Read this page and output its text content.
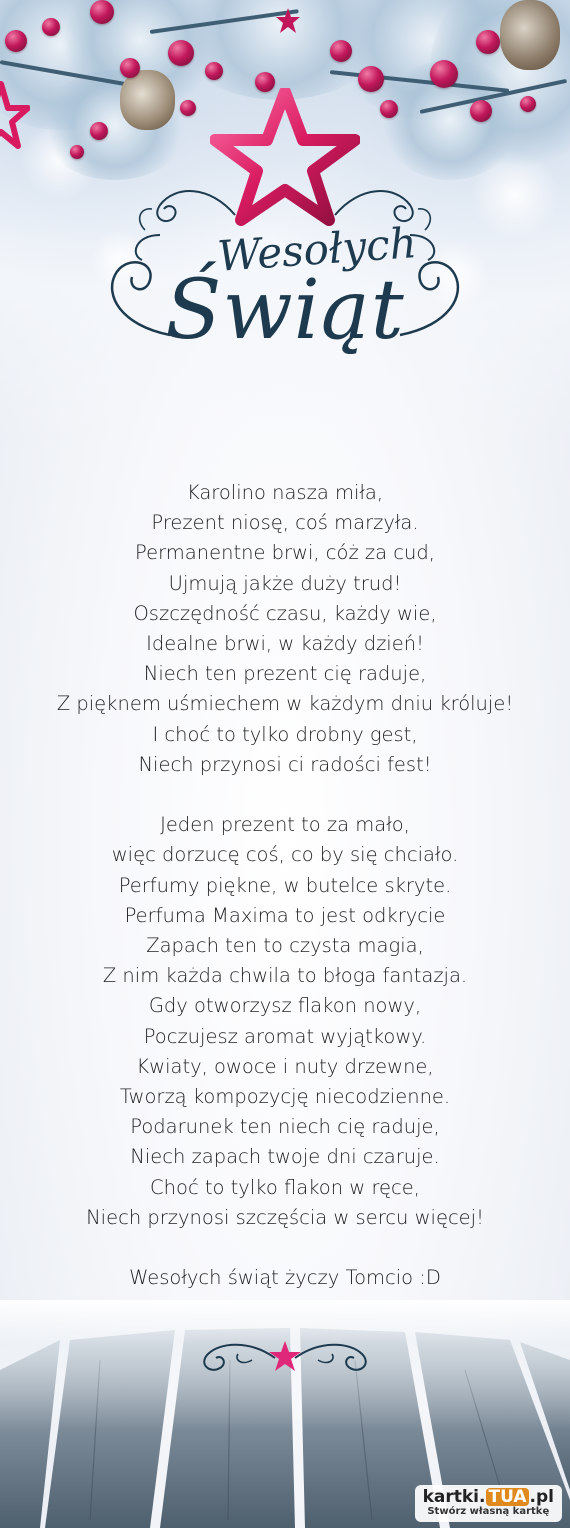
Wesołych
Świąt
Karolino nasza miła,
Prezent niosę, coś marzyła.
Permanentne brwi, cóż za cud,
Ujmują jakże duży trud!
Oszczędność czasu, każdy wie,
Idealne brwi, w każdy dzień!
Niech ten prezent cię raduje,
Z pięknem uśmiechem w każdym dniu króluje!
I choć to tylko drobny gest,
Niech przynosi ci radości fest!
Jeden prezent to za mało,
więc dorzucę coś, co by się chciało.
Perfumy piękne, w butelce skryte.
Perfuma Maxima to jest odkrycie
Zapach ten to czysta magia,
Z nim każda chwila to błoga fantazja.
Gdy otworzysz flakon nowy,
Poczujesz aromat wyjątkowy.
Kwiaty, owoce i nuty drzewne,
Tworzą kompozycję niecodzienne.
Podarunek ten niech cię raduje,
Niech zapach twoje dni czaruje.
Choć to tylko flakon w ręce,
Niech przynosi szczęścia w sercu więcej!
Wesołych świąt życzy Tomcio :D
kartki. TUA .pl
Stwórz własną kartkę
